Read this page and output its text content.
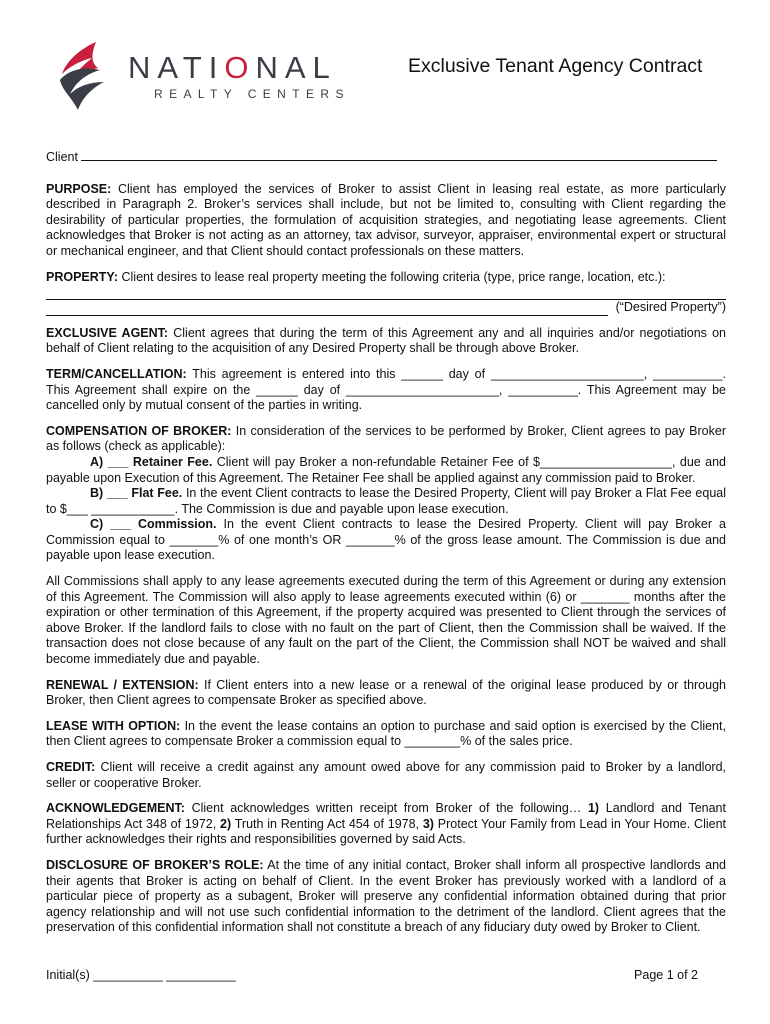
NATIONAL
REALTY CENTERS
Exclusive Tenant Agency Contract
Client

PURPOSE: Client has employed the services of Broker to assist Client in leasing real estate, as more particularly described in Paragraph 2. Broker’s services shall include, but not be limited to, consulting with Client regarding the desirability of particular properties, the formulation of acquisition strategies, and negotiating lease agreements. Client acknowledges that Broker is not acting as an attorney, tax advisor, surveyor, appraiser, environmental expert or structural or mechanical engineer, and that Client should contact professionals on these matters.

PROPERTY: Client desires to lease real property meeting the following criteria (type, price range, location, etc.):

(“Desired Property”)

EXCLUSIVE AGENT: Client agrees that during the term of this Agreement any and all inquiries and/or negotiations on behalf of Client relating to the acquisition of any Desired Property shall be through above Broker.

TERM/CANCELLATION: This agreement is entered into this ______ day of ______________________, __________. This Agreement shall expire on the ______ day of ______________________, __________. This Agreement may be cancelled only by mutual consent of the parties in writing.

COMPENSATION OF BROKER: In consideration of the services to be performed by Broker, Client agrees to pay Broker as follows (check as applicable):
A) ___ Retainer Fee. Client will pay Broker a non-refundable Retainer Fee of $___________________, due and payable upon Execution of this Agreement. The Retainer Fee shall be applied against any commission paid to Broker.
B) ___ Flat Fee. In the event Client contracts to lease the Desired Property, Client will pay Broker a Flat Fee equal to $___ ____________. The Commission is due and payable upon lease execution.
C) ___ Commission. In the event Client contracts to lease the Desired Property. Client will pay Broker a Commission equal to _______% of one month’s OR _______% of the gross lease amount. The Commission is due and payable upon lease execution.

All Commissions shall apply to any lease agreements executed during the term of this Agreement or during any extension of this Agreement. The Commission will also apply to lease agreements executed within (6) or _______ months after the expiration or other termination of this Agreement, if the property acquired was presented to Client through the services of above Broker. If the landlord fails to close with no fault on the part of Client, then the Commission shall be waived. If the transaction does not close because of any fault on the part of the Client, the Commission shall NOT be waived and shall become immediately due and payable.

RENEWAL / EXTENSION: If Client enters into a new lease or a renewal of the original lease produced by or through Broker, then Client agrees to compensate Broker as specified above.

LEASE WITH OPTION: In the event the lease contains an option to purchase and said option is exercised by the Client, then Client agrees to compensate Broker a commission equal to ________% of the sales price.

CREDIT: Client will receive a credit against any amount owed above for any commission paid to Broker by a landlord, seller or cooperative Broker.

ACKNOWLEDGEMENT: Client acknowledges written receipt from Broker of the following… 1) Landlord and Tenant Relationships Act 348 of 1972, 2) Truth in Renting Act 454 of 1978, 3) Protect Your Family from Lead in Your Home. Client further acknowledges their rights and responsibilities governed by said Acts.

DISCLOSURE OF BROKER’S ROLE: At the time of any initial contact, Broker shall inform all prospective landlords and their agents that Broker is acting on behalf of Client. In the event Broker has previously worked with a landlord of a particular piece of property as a subagent, Broker will preserve any confidential information obtained during that prior agency relationship and will not use such confidential information to the detriment of the landlord. Client agrees that the preservation of this confidential information shall not constitute a breach of any fiduciary duty owed by Broker to Client.

Initial(s) __________ __________	Page 1 of 2
